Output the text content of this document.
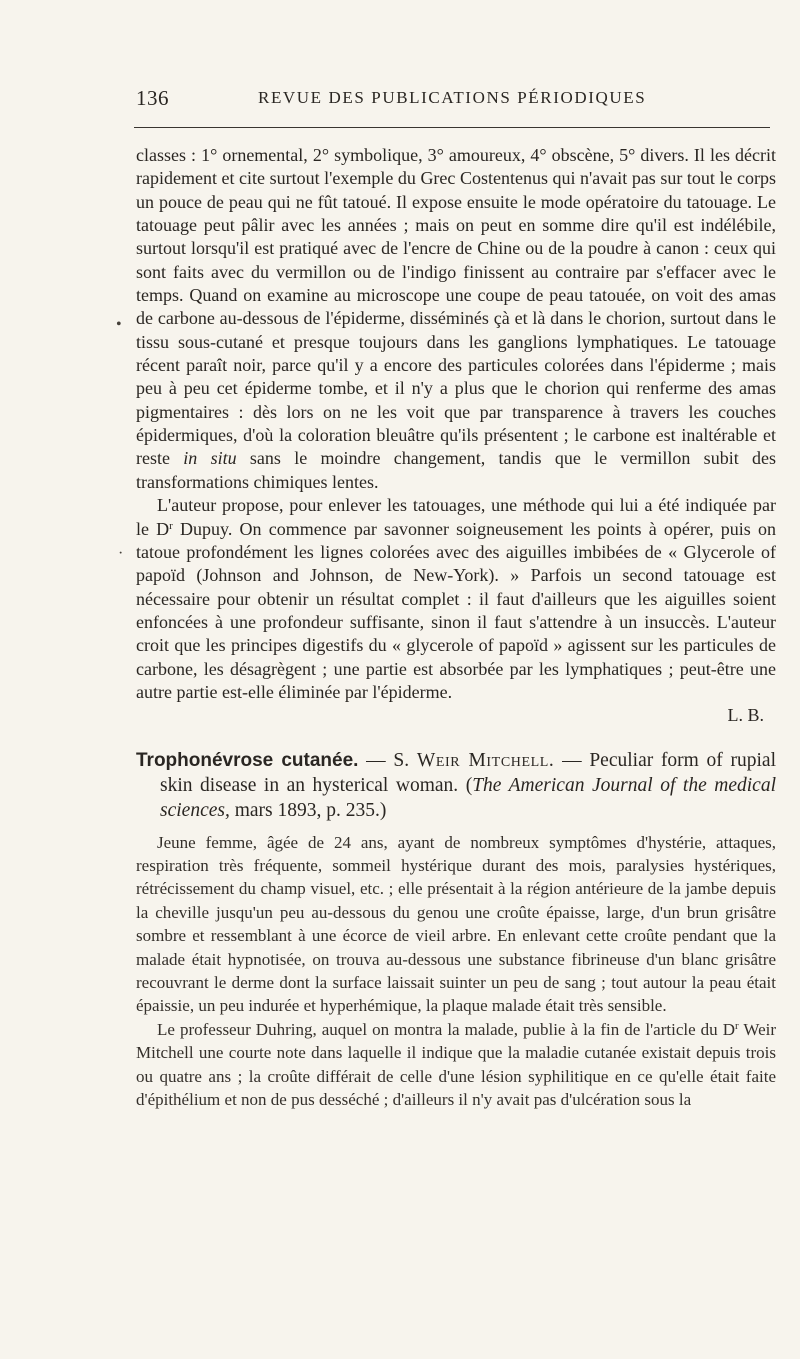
136	REVUE DES PUBLICATIONS PÉRIODIQUES
•
·

classes : 1° ornemental, 2° symbolique, 3° amoureux, 4° obscène, 5° divers. Il les décrit rapidement et cite surtout l'exemple du Grec Costentenus qui n'avait pas sur tout le corps un pouce de peau qui ne fût tatoué. Il expose ensuite le mode opératoire du tatouage. Le tatouage peut pâlir avec les années ; mais on peut en somme dire qu'il est indélébile, surtout lorsqu'il est pratiqué avec de l'encre de Chine ou de la poudre à canon : ceux qui sont faits avec du vermillon ou de l'indigo finissent au contraire par s'effacer avec le temps. Quand on examine au microscope une coupe de peau tatouée, on voit des amas de carbone au-dessous de l'épiderme, disséminés çà et là dans le chorion, surtout dans le tissu sous-cutané et presque toujours dans les ganglions lymphatiques. Le tatouage récent paraît noir, parce qu'il y a encore des particules colorées dans l'épiderme ; mais peu à peu cet épiderme tombe, et il n'y a plus que le chorion qui renferme des amas pigmentaires : dès lors on ne les voit que par transparence à travers les couches épidermiques, d'où la coloration bleuâtre qu'ils présentent ; le carbone est inaltérable et reste in situ sans le moindre changement, tandis que le vermillon subit des transformations chimiques lentes.

L'auteur propose, pour enlever les tatouages, une méthode qui lui a été indiquée par le $D^r$ Dupuy. On commence par savonner soigneusement les points à opérer, puis on tatoue profondément les lignes colorées avec des aiguilles imbibées de « Glycerole of papoïd (Johnson and Johnson, de New-York). » Parfois un second tatouage est nécessaire pour obtenir un résultat complet : il faut d'ailleurs que les aiguilles soient enfoncées à une profondeur suffisante, sinon il faut s'attendre à un insuccès. L'auteur croit que les principes digestifs du « glycerole of papoïd » agissent sur les particules de carbone, les désagrègent ; une partie est absorbée par les lymphatiques ; peut-être une autre partie est-elle éliminée par l'épiderme.

L. B.

Trophonévrose cutanée. — S. Weir Mitchell. — Peculiar form of rupial skin disease in an hysterical woman. (The American Journal of the medical sciences, mars 1893, p. 235.)

Jeune femme, âgée de 24 ans, ayant de nombreux symptômes d'hystérie, attaques, respiration très fréquente, sommeil hystérique durant des mois, paralysies hystériques, rétrécissement du champ visuel, etc. ; elle présentait à la région antérieure de la jambe depuis la cheville jusqu'un peu au-dessous du genou une croûte épaisse, large, d'un brun grisâtre sombre et ressemblant à une écorce de vieil arbre. En enlevant cette croûte pendant que la malade était hypnotisée, on trouva au-dessous une substance fibrineuse d'un blanc grisâtre recouvrant le derme dont la surface laissait suinter un peu de sang ; tout autour la peau était épaissie, un peu indurée et hyperhémique, la plaque malade était très sensible.

Le professeur Duhring, auquel on montra la malade, publie à la fin de l'article du $D^r$ Weir Mitchell une courte note dans laquelle il indique que la maladie cutanée existait depuis trois ou quatre ans ; la croûte différait de celle d'une lésion syphilitique en ce qu'elle était faite d'épithélium et non de pus desséché ; d'ailleurs il n'y avait pas d'ulcération sous la
